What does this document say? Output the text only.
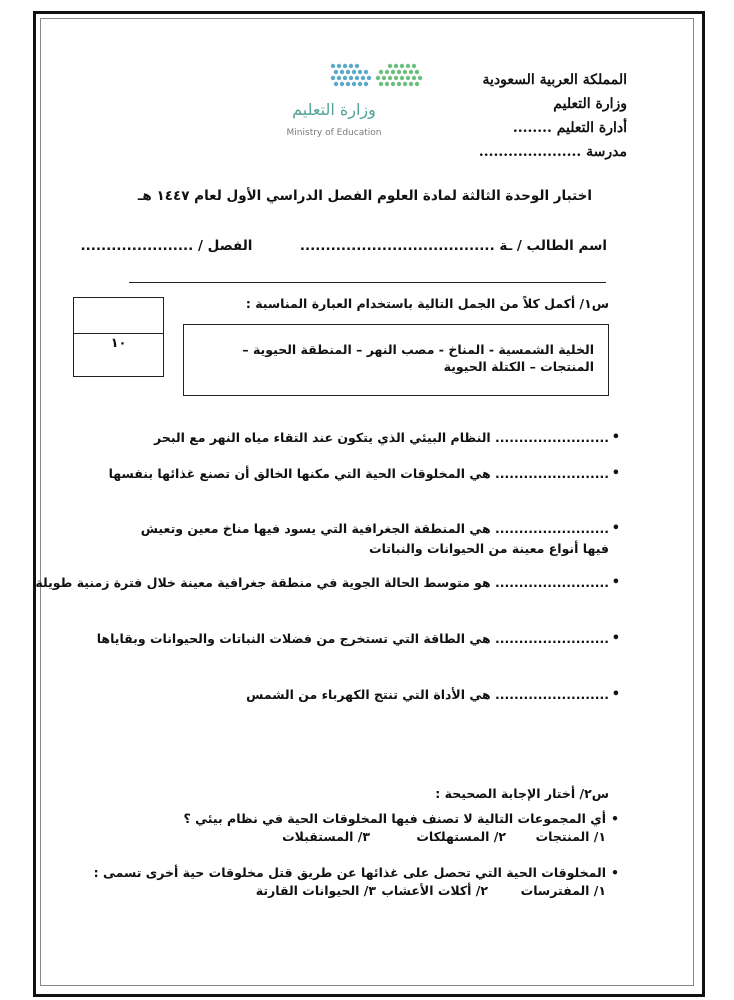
المملكة العربية السعودية
وزارة التعليم
أدارة التعليم ........
مدرسة .....................
وزارة التعليم
Ministry of Education
اختبار الوحدة الثالثة لمادة العلوم الفصل الدراسي الأول لعام ١٤٤٧ هـ
اسم الطالب / ـة ......................................  الفصل / ......................
س١/ أكمل كلاً من الجمل التالية باستخدام العبارة المناسبة :
١٠	الخلية الشمسية - المناخ - مصب النهر – المنطقة الحيوية – المنتجات – الكتلة الحيوية
•
........................ النظام البيئي الذي يتكون عند التقاء مياه النهر مع البحر
•
........................ هي المخلوقات الحية التي مكنها الخالق أن تصنع غذائها بنفسها
•
........................ هي المنطقة الجغرافية التي يسود فيها مناخ معين وتعيش فيها أنواع معينة من الحيوانات والنباتات
•
........................ هو متوسط الحالة الجوية في منطقة جغرافية معينة خلال فترة زمنية طويلة
•
........................ هي الطاقة التي تستخرج من فضلات النباتات والحيوانات وبقاياها
•
........................ هي الأداة التي تنتج الكهرباء من الشمس
س٢/ أختار الإجابة الصحيحة :
•
أي المجموعات التالية لا تصنف فيها المخلوقات الحية في نظام بيئي ؟
١/ المنتجات
٢/ المستهلكات
٣/ المستقبلات
•
المخلوقات الحية التي تحصل على غذائها عن طريق قتل مخلوقات حية أخرى تسمى :
١/ المفترسات
٢/ أكلات الأعشاب
٣/ الحيوانات القارتة
